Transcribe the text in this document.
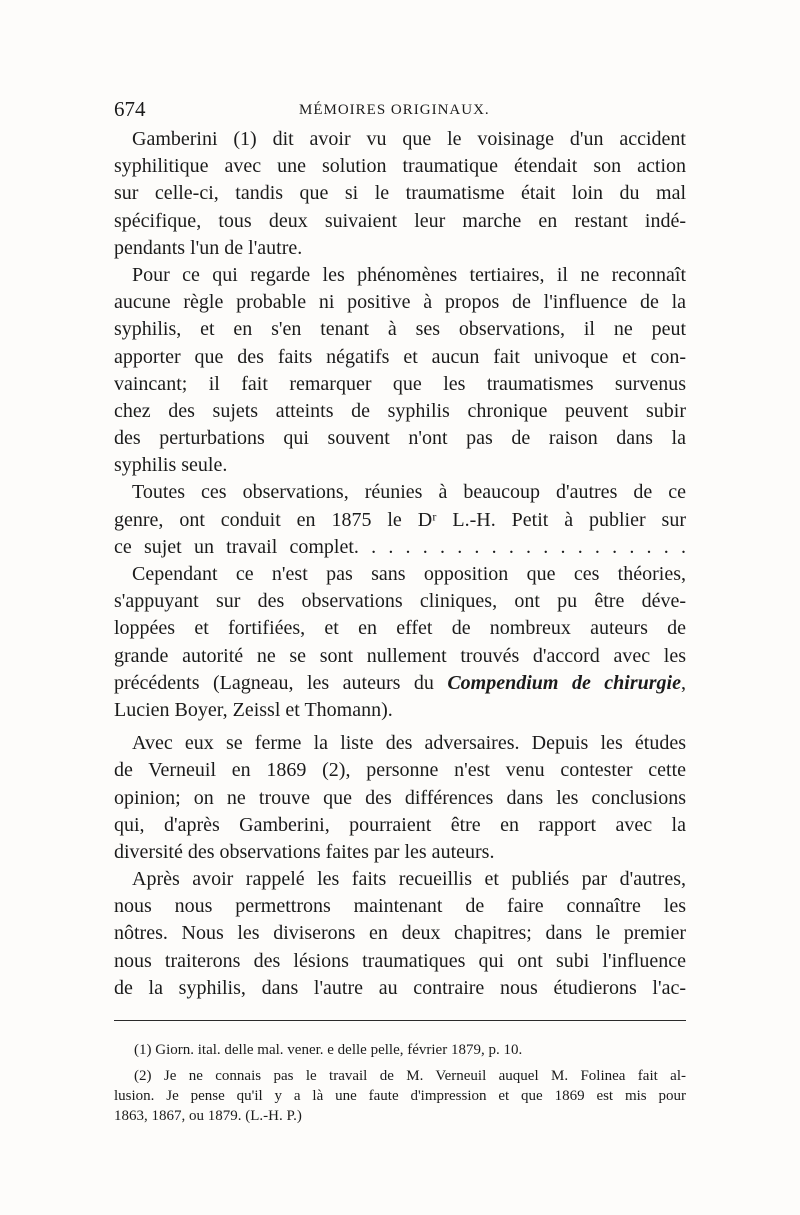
674	MÉMOIRES ORIGINAUX.
Gamberini (1) dit avoir vu que le voisinage d'un accident
syphilitique avec une solution traumatique étendait son action
sur celle-ci, tandis que si le traumatisme était loin du mal
spécifique, tous deux suivaient leur marche en restant indé-
pendants l'un de l'autre.
Pour ce qui regarde les phénomènes tertiaires, il ne reconnaît
aucune règle probable ni positive à propos de l'influence de la
syphilis, et en s'en tenant à ses observations, il ne peut
apporter que des faits négatifs et aucun fait univoque et con-
vaincant; il fait remarquer que les traumatismes survenus
chez des sujets atteints de syphilis chronique peuvent subir
des perturbations qui souvent n'ont pas de raison dans la
syphilis seule.
Toutes ces observations, réunies à beaucoup d'autres de ce
genre, ont conduit en 1875 le Dʳ L.-H. Petit à publier sur
ce sujet un travail complet. . . . . . . . . . . . . . . . . . . .
Cependant ce n'est pas sans opposition que ces théories,
s'appuyant sur des observations cliniques, ont pu être déve-
loppées et fortifiées, et en effet de nombreux auteurs de
grande autorité ne se sont nullement trouvés d'accord avec les
précédents (Lagneau, les auteurs du Compendium de chirurgie,
Lucien Boyer, Zeissl et Thomann).
Avec eux se ferme la liste des adversaires. Depuis les études
de Verneuil en 1869 (2), personne n'est venu contester cette
opinion; on ne trouve que des différences dans les conclusions
qui, d'après Gamberini, pourraient être en rapport avec la
diversité des observations faites par les auteurs.
Après avoir rappelé les faits recueillis et publiés par d'autres,
nous nous permettrons maintenant de faire connaître les
nôtres. Nous les diviserons en deux chapitres; dans le premier
nous traiterons des lésions traumatiques qui ont subi l'influence
de la syphilis, dans l'autre au contraire nous étudierons l'ac-
(1) Giorn. ital. delle mal. vener. e delle pelle, février 1879, p. 10.
(2) Je ne connais pas le travail de M. Verneuil auquel M. Folinea fait al-
lusion. Je pense qu'il y a là une faute d'impression et que 1869 est mis pour
1863, 1867, ou 1879. (L.-H. P.)
